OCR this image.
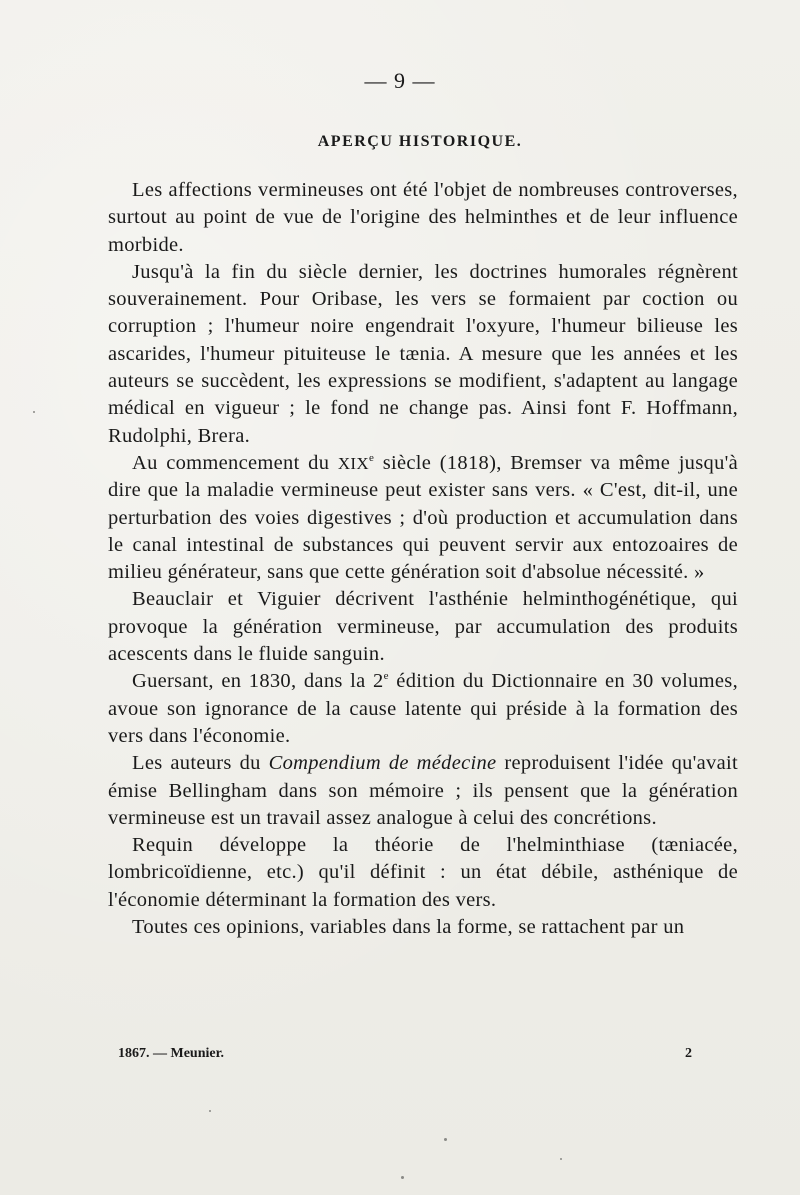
— 9 —
APERÇU HISTORIQUE.

Les affections vermineuses ont été l'objet de nombreuses controverses, surtout au point de vue de l'origine des helminthes et de leur influence morbide.

Jusqu'à la fin du siècle dernier, les doctrines humorales régnèrent souverainement. Pour Oribase, les vers se formaient par coction ou corruption ; l'humeur noire engendrait l'oxyure, l'humeur bilieuse les ascarides, l'humeur pituiteuse le tænia. A mesure que les années et les auteurs se succèdent, les expressions se modifient, s'adaptent au langage médical en vigueur ; le fond ne change pas. Ainsi font F. Hoffmann, Rudolphi, Brera.

Au commencement du XIXe siècle (1818), Bremser va même jusqu'à dire que la maladie vermineuse peut exister sans vers. « C'est, dit-il, une perturbation des voies digestives ; d'où production et accumulation dans le canal intestinal de substances qui peuvent servir aux entozoaires de milieu générateur, sans que cette génération soit d'absolue nécessité. »

Beauclair et Viguier décrivent l'asthénie helminthogénétique, qui provoque la génération vermineuse, par accumulation des produits acescents dans le fluide sanguin.

Guersant, en 1830, dans la 2e édition du Dictionnaire en 30 volumes, avoue son ignorance de la cause latente qui préside à la formation des vers dans l'économie.

Les auteurs du Compendium de médecine reproduisent l'idée qu'avait émise Bellingham dans son mémoire ; ils pensent que la génération vermineuse est un travail assez analogue à celui des concrétions.

Requin développe la théorie de l'helminthiase (tæniacée, lombricoïdienne, etc.) qu'il définit : un état débile, asthénique de l'économie déterminant la formation des vers.

Toutes ces opinions, variables dans la forme, se rattachent par un

1867. — Meunier.	2
